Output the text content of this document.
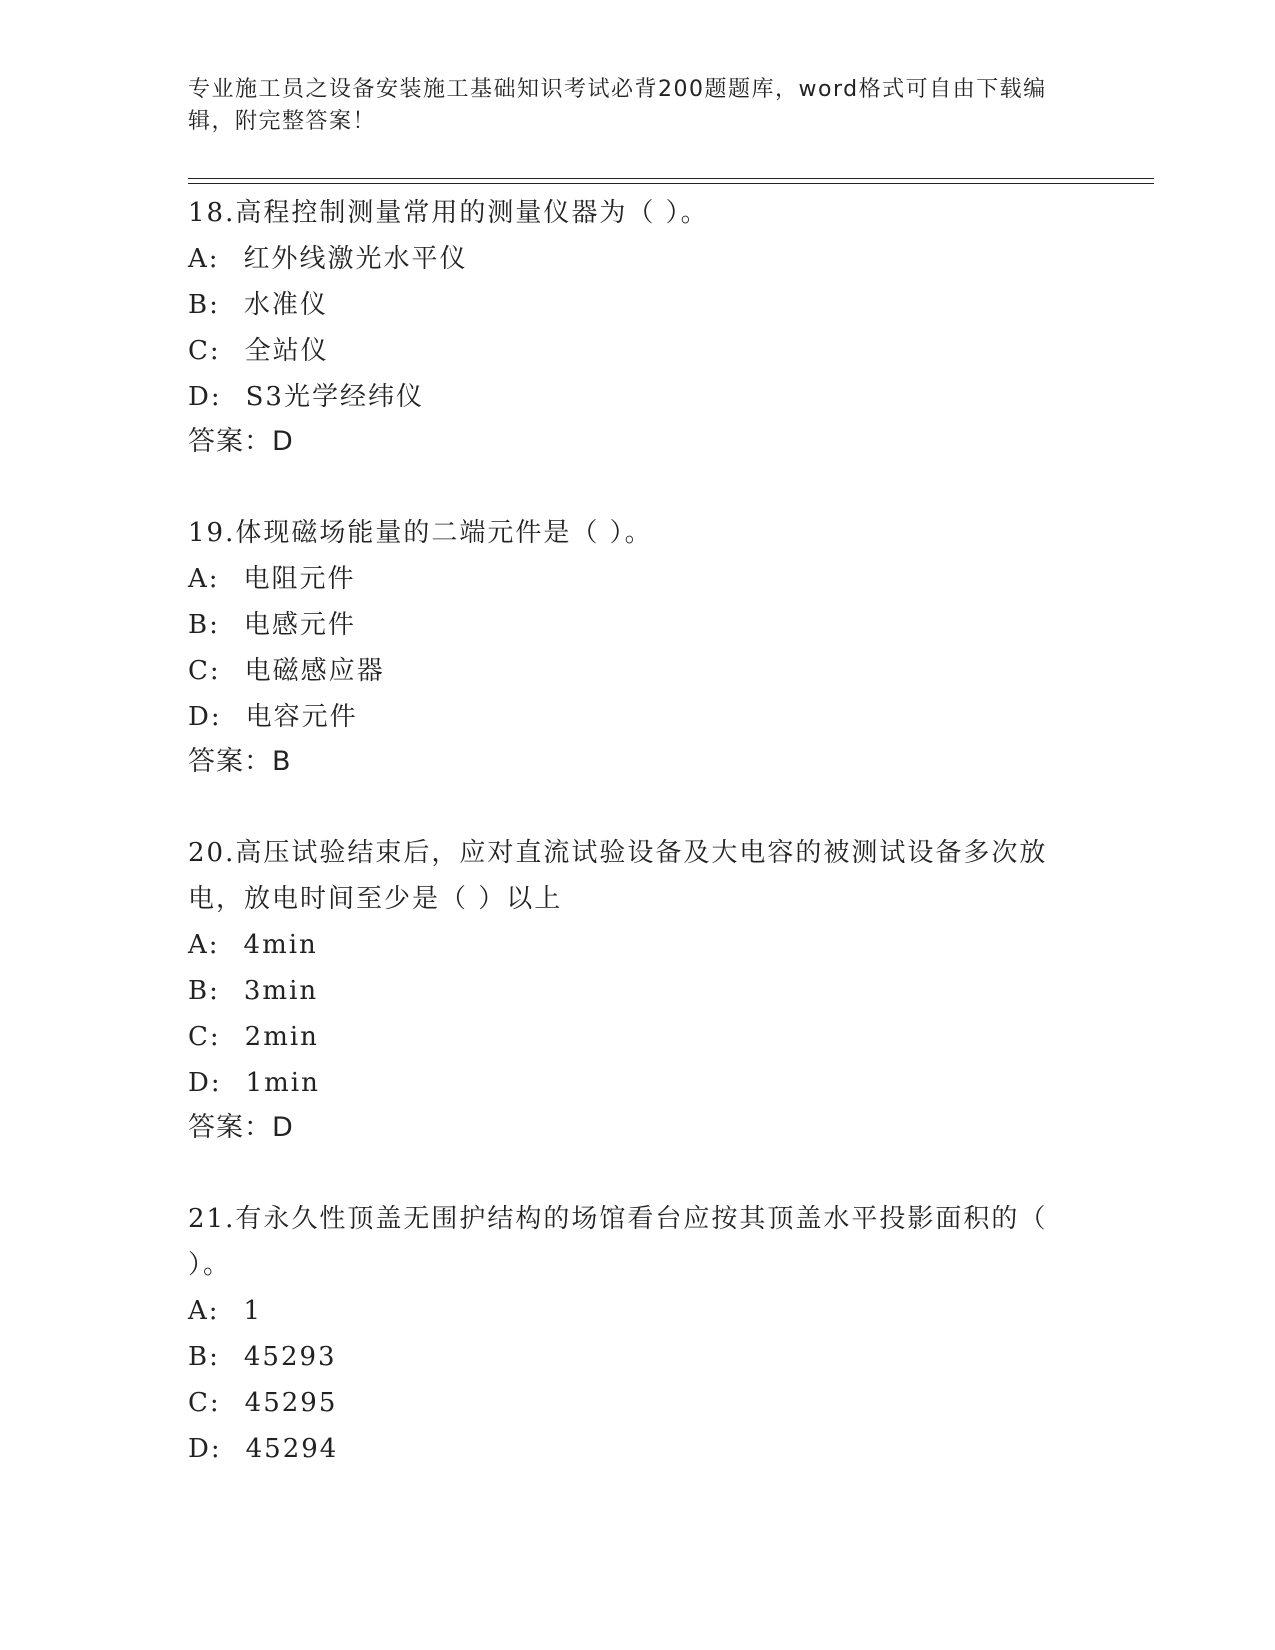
专业施工员之设备安装施工基础知识考试必背200题题库，word格式可自由下载编辑，附完整答案！

18.高程控制测量常用的测量仪器为（ ）。

A: 红外线激光水平仪

B: 水准仪

C: 全站仪

D: S3光学经纬仪

答案：D

19.体现磁场能量的二端元件是（ ）。

A: 电阻元件

B: 电感元件

C: 电磁感应器

D: 电容元件

答案：B

20.高压试验结束后，应对直流试验设备及大电容的被测试设备多次放电，放电时间至少是（ ）以上

A: 4min

B: 3min

C: 2min

D: 1min

答案：D

21.有永久性顶盖无围护结构的场馆看台应按其顶盖水平投影面积的（ ）。

A: 1

B: 45293

C: 45295

D: 45294
